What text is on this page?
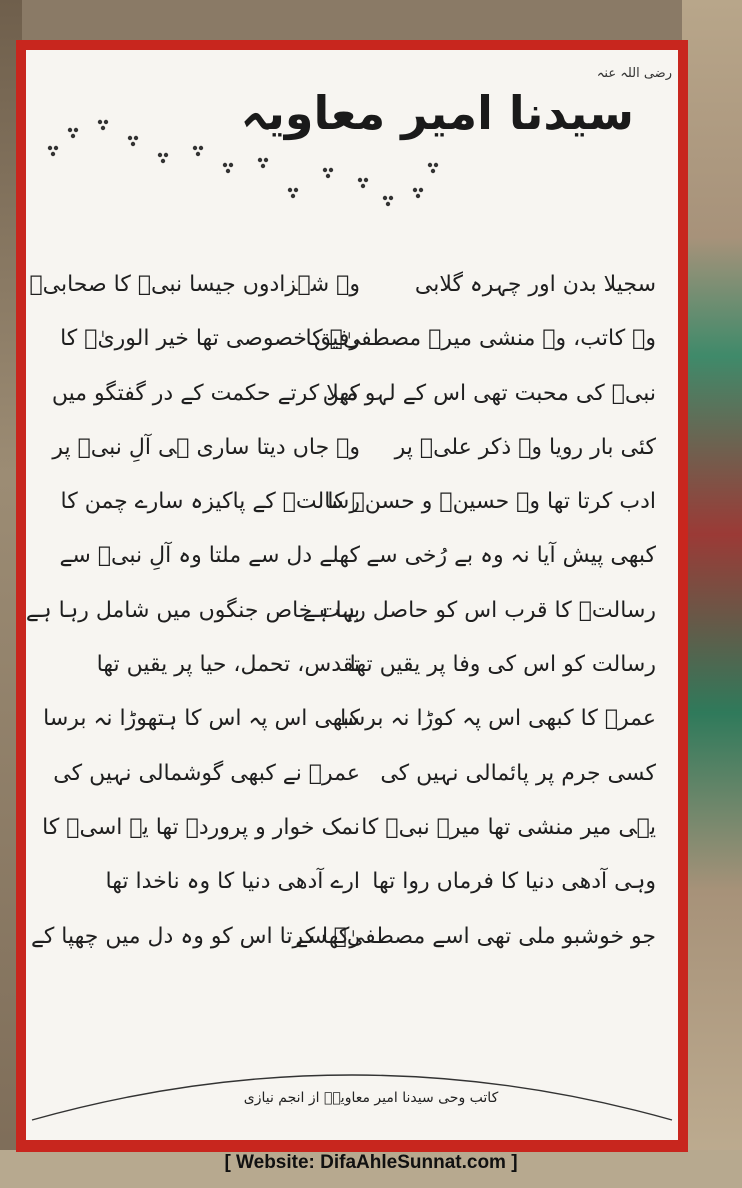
رضی اللہ عنہ
سیدنا امیر معاویہ
سجیلا بدن اور چہرہ گلابی
وہ کاتب، وہ منشی میرے مصطفیٰؐ کا
نبیؐ کی محبت تھی اس کے لہو میں
کئی بار رویا وہ ذکر علیؓ پر
ادب کرتا تھا وہ حسینؓ و حسنؓ کا
کبھی پیش آیا نہ وہ بے رُخی سے
رسالتؐ کا قرب اس کو حاصل رہا ہے
رسالت کو اس کی وفا پر یقیں تھا
عمرؓ کا کبھی اس پہ کوڑا نہ برسا
کسی جرم پر پائمالی نہیں کی
یہی میر منشی تھا میرے نبیؐ کا
وہی آدھی دنیا کا فرماں روا تھا
جو خوشبو ملی تھی اسے مصطفیٰؐ سے
وہ شہزادوں جیسا نبیؐ کا صحابیؓ
رفیق خصوصی تھا خیر الوریٰؐ کا
کھلا کرتے حکمت کے در گفتگو میں
وہ جاں دیتا ساری ہی آلِ نبیؐ پر
رسالتؐ کے پاکیزہ سارے چمن کا
کھلے دل سے ملتا وہ آلِ نبیؐ سے
بہت خاص جنگوں میں شامل رہا ہے
تقدس، تحمل، حیا پر یقیں تھا
کبھی اس پہ اس کا ہتھوڑا نہ برسا
عمرؓ نے کبھی گوشمالی نہیں کی
نمک خوار و پروردہ تھا یہ اسیؐ کا
ارے آدھی دنیا کا وہ ناخدا تھا
رکھا کرتا اس کو وہ دل میں چھپا کے
کاتب وحی سیدنا امیر معاویہؓ از انجم نیازی
[ Website: DifaAhleSunnat.com ]
